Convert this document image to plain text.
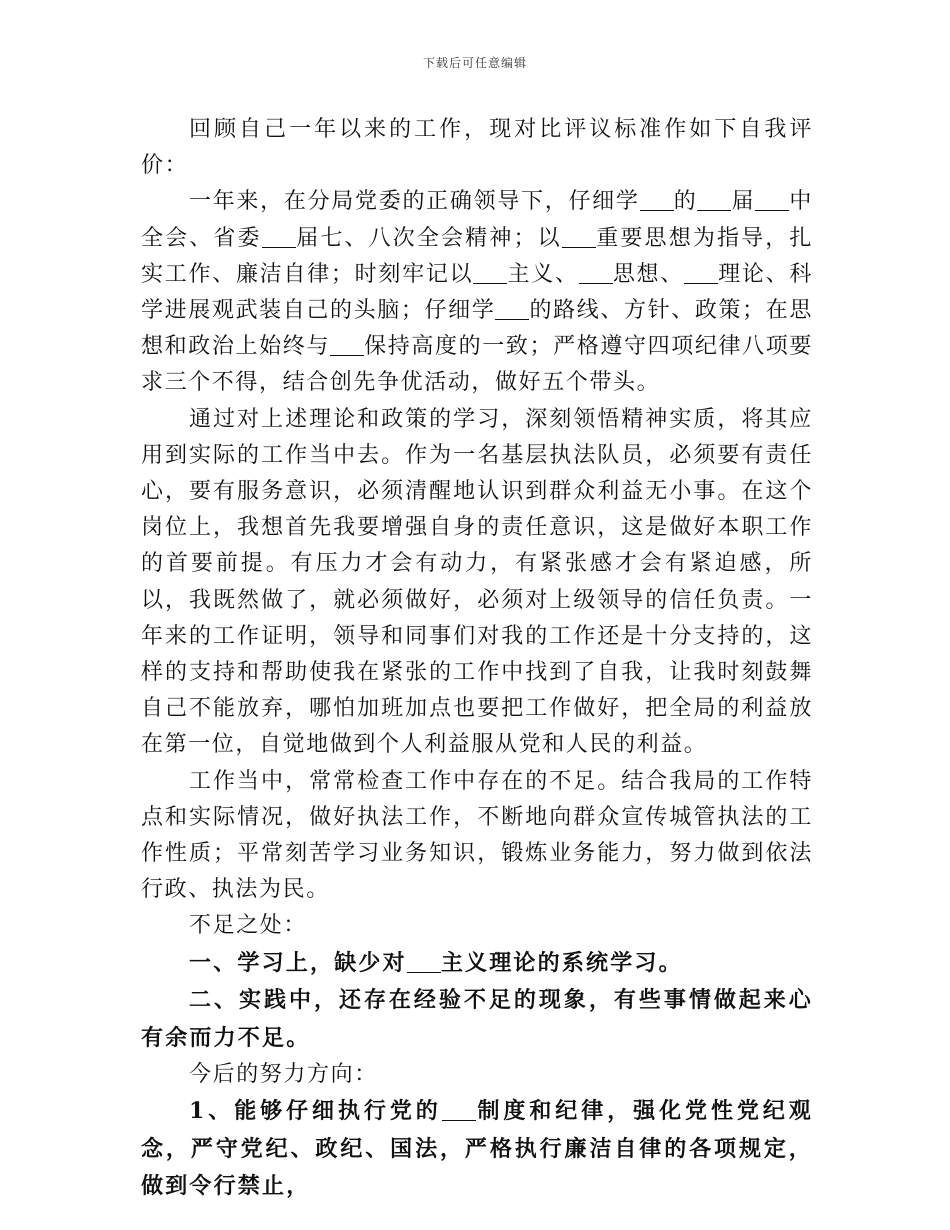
下载后可任意编辑

回顾自己一年以来的工作，现对比评议标准作如下自我评价：

一年来，在分局党委的正确领导下，仔细学 的 届 中全会、省委 届七、八次全会精神；以 重要思想为指导，扎实工作、廉洁自律；时刻牢记以 主义、 思想、 理论、科学进展观武装自己的头脑；仔细学 的路线、方针、政策；在思想和政治上始终与 保持高度的一致；严格遵守四项纪律八项要求三个不得，结合创先争优活动，做好五个带头。

通过对上述理论和政策的学习，深刻领悟精神实质，将其应用到实际的工作当中去。作为一名基层执法队员，必须要有责任心，要有服务意识，必须清醒地认识到群众利益无小事。在这个岗位上，我想首先我要增强自身的责任意识，这是做好本职工作的首要前提。有压力才会有动力，有紧张感才会有紧迫感，所以，我既然做了，就必须做好，必须对上级领导的信任负责。一年来的工作证明，领导和同事们对我的工作还是十分支持的，这样的支持和帮助使我在紧张的工作中找到了自我，让我时刻鼓舞自己不能放弃，哪怕加班加点也要把工作做好，把全局的利益放在第一位，自觉地做到个人利益服从党和人民的利益。

工作当中，常常检查工作中存在的不足。结合我局的工作特点和实际情况，做好执法工作，不断地向群众宣传城管执法的工作性质；平常刻苦学习业务知识，锻炼业务能力，努力做到依法行政、执法为民。

不足之处：

一、学习上，缺少对 主义理论的系统学习。

二、实践中，还存在经验不足的现象，有些事情做起来心有余而力不足。

今后的努力方向：

1、能够仔细执行党的 制度和纪律，强化党性党纪观念，严守党纪、政纪、国法，严格执行廉洁自律的各项规定，做到令行禁止，
